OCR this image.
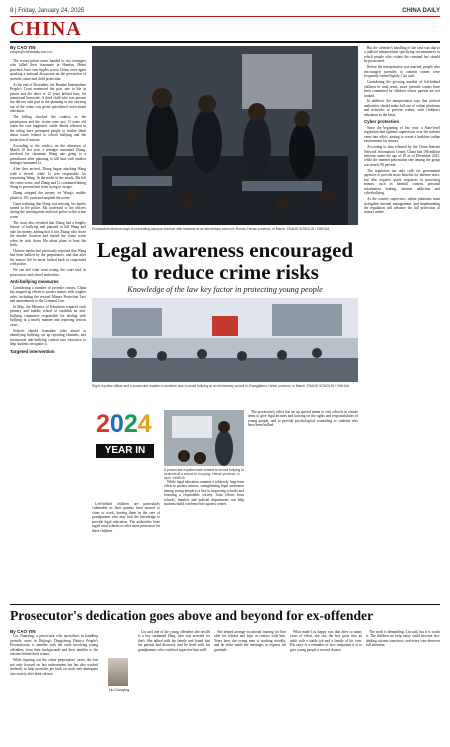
8 | Friday, January 24, 2025	CHINA DAILY
CHINA
By CAO YIN
caoyin@chinadaily.com.cn

The recent prison terms handed to two teenagers who killed their classmate in Handan, Hebei province, have sent ripples across China, once again sparking a national discussion on the prevention of juvenile crime and child protection.

At the end of December, the Handan Intermediate People's Court sentenced the pair, one to life in prison and the other to 12 years behind bars, for intentional homicide. A third child who was present but did not take part in the planning or the carrying out of the crime was given specialized correctional education.

The killing shocked the country, as the perpetrators and the victim were just 13 years old when the case happened, while details released in the ruling have prompted people to further think about issues related to school bullying and the protection of minors.

According to the verdict, on the afternoon of March 10 last year, a teenager surnamed Zhang, involved for classmate Wang into going to a greenhouse after planning to kill him with another teenager surnamed Li.

After they arrived, Zhang began attacking Wang with a shovel, while Li was responsible for restraining Wang. In the midst of the attack, Ma left the crime scene, and Zhang and Li continued hitting Wang to prevent him from trying to escape.

Zhang stripped the money on Wang's mobile phone to 191 yuan and emptied the scene.

Upon realizing that Wang was missing, his family turned to the police. Ma confessed to the officers during the investigation and took police to the crime scene.

The court also revealed that Zhang had a lengthy history of bullying and planned to kill Wang and take his money, adding that it was Zhang who chose the murder location and buried the crime scene when he took down Ma about plans to bury the body.

Chinese media had previously reported that Wang had been bullied by the perpetrators, and that after the minors left he never looked back or cooperated with police.

We can feel what went wrong, the court said, in prosecutors and school authorities.

Anti-bullying measures

Considering a number of juvenile crimes, China has stepped up efforts to protect minors with tougher rules, including the revised Minors Protection Law and amendments to the Criminal Law.

In May, the Ministry of Education required each primary and middle school to establish an anti-bullying committee responsible for dealing with bullying in a timely manner and reporting serious cases.

Schools should formulate rules aimed at identifying bullying, set up reporting channels, and incorporate anti-bullying content into education to help students recognize it.

Targeted intervention
Prosecutors discuss ways of preventing campus violence with students at an elementary school in Runan, Henan province, in March. ZHANG SONGLIN / XINHUA
Legal awareness encouraged to reduce crime risks
Knowledge of the law key factor in protecting young people
Right: A police officer and a prosecutor explain to students how to avoid bullying at an elementary school in Zhangjiakou, Hebei province, in March. ZHANG SONGLIN / XINHUA
2024
YEAR IN REVIEW	A prosecutor explains laws related to school bullying to students at a school in Luoyang, Henan province, in April. XINHUA

While legal education remains a relatively long-term effort to protect minors, strengthening legal awareness among young people is a key to improving schools and fostering a responsible society. Joint efforts from schools, families and judicial departments can help students build a defense line against crimes.

Left-behind children are particularly vulnerable as their parents have moved to cities to work, leaving them in the care of grandparents who may lack the knowledge to provide legal education. The authorities have urged rural schools to offer more protection for these children.

The prosecutor's office has set up special teams to visit schools in remote areas to give legal lectures and training on the rights and responsibilities of young people, and to provide psychological counseling to students who have been bullied.

But the offender's handling of the case was due to a judicial interpretation specifying circumstances in which people who violate the criminal law should be prosecuted.

Before the interpretation was enacted, people who encouraged juveniles to commit crimes were frequently treated lightly, Cao said.

Considering the growing number of left-behind children in rural areas, more juvenile crimes have been committed by children whose parents are not around.

In addition, the interpretation says that judicial authorities should make full use of online platforms and networks to prevent crimes, with children's education as the basis.

Cyber protection

Since the beginning of last year, a State-level regulation that tightens supervision over the internet came into effect, aiming to create a healthier online environment for minors.

According to data released by the China Internet Network Information Center, China had 196 million netizens under the age of 18 as of December 2023, while the internet penetration rate among the group was nearly 98 percent.

The regulation not only calls for government agencies to provide more benefits for internet users, but also requires quick responses in protecting minors, such as harmful content, personal information leaking, internet addiction and cyberbullying.

As the country supervises, online platforms must strengthen internal management, and implementing the regulation will advance the full protection of minors online.

Prosecutor's dedication goes above and beyond for ex-offender
By CAO YIN

Liu Chunying, a prosecutor who specializes in handling juvenile cases in Beijing's Dongcheng District People's Procuratorate, is familiar with the cases involving young offenders, from their backgrounds and their families to the reasons behind their crimes.

While figuring out the crime perpetrators' cases, she has not only focused on law enforcement but has also worked tirelessly to help juveniles get back on track and reintegrate into society after their release.

Liu Chunying

Liu said one of the young offenders she recalls is a boy surnamed Ding, who was arrested for theft. She talked with his family and found that his parents had divorced, and he lived with his grandparents who could not supervise him well.

She helped arrange vocational training for him after his release and kept in contact with him. Years later, the young man is working steadily, and he often sends her messages to express his gratitude.

What made Liu happy was that after so many years of effort, she saw the boy grow into an adult with a stable job and a family of his own. His story is a reminder of how important it is to give young people a second chance.

The work is demanding, Liu said, but it is worth it. The children we help today could become law-abiding citizens tomorrow, and every case deserves full attention.
